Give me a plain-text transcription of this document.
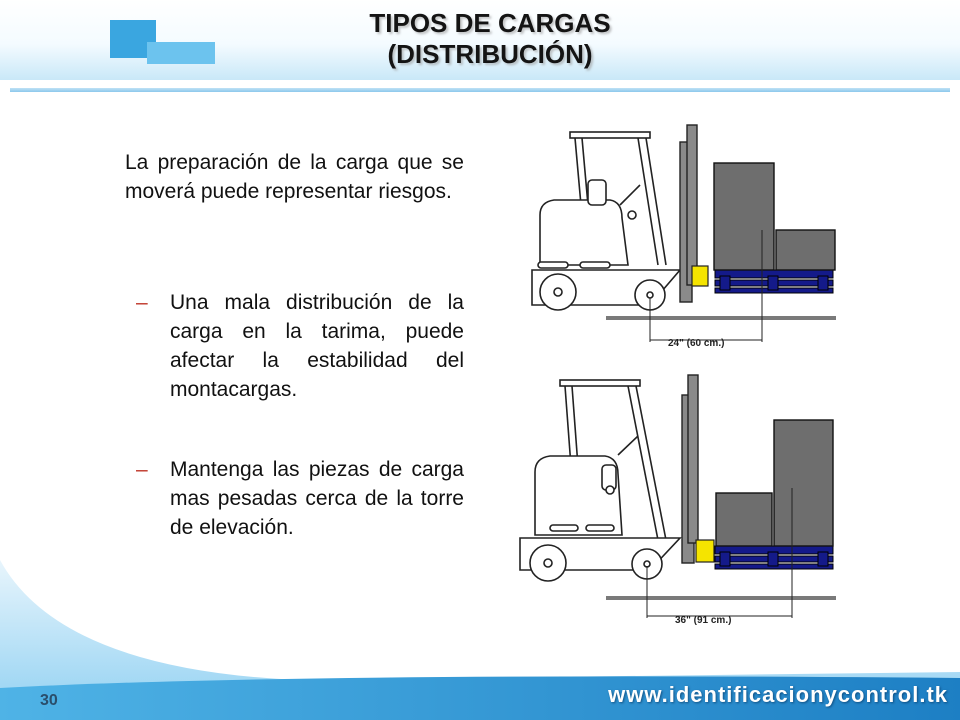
TIPOS DE CARGAS
(DISTRIBUCIÓN)
La preparación de la carga que se moverá puede representar riesgos.
– Una mala distribución de la carga en la tarima, puede afectar la estabilidad del montacargas.
– Mantenga las piezas de carga mas pesadas cerca de la torre de elevación.
24" (60 cm.)
36" (91 cm.)
30	www.identificacionycontrol.tk
